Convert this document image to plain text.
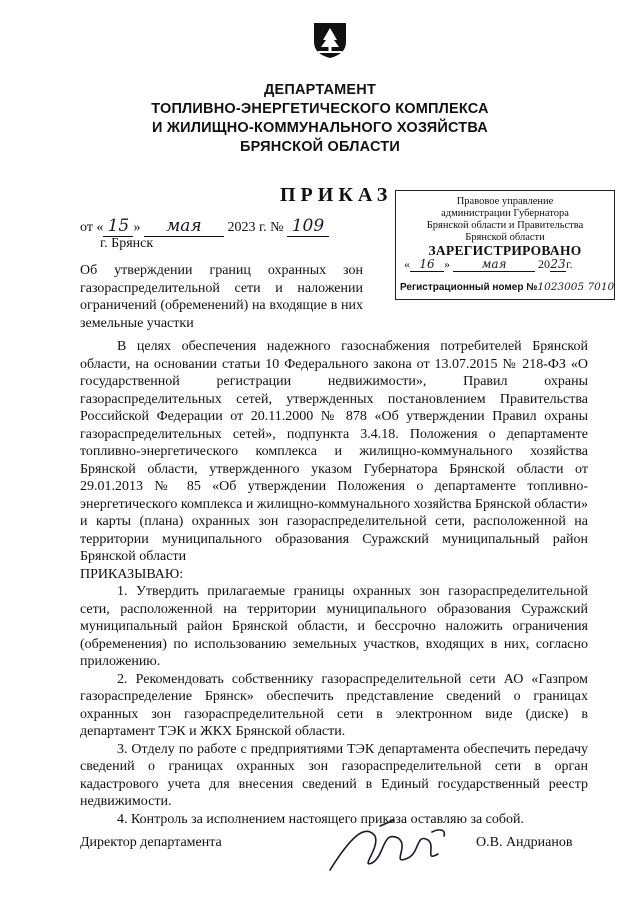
ДЕПАРТАМЕНТ
ТОПЛИВНО-ЭНЕРГЕТИЧЕСКОГО КОМПЛЕКСА
И ЖИЛИЩНО-КОММУНАЛЬНОГО ХОЗЯЙСТВА
БРЯНСКОЙ ОБЛАСТИ
ПРИКАЗ
от « 15 » мая 2023 г. № 109
г. Брянск
Об утверждении границ охранных зон газораспределительной сети и наложении ограничений (обременений) на входящие в них земельные участки
Правовое управление
администрации Губернатора
Брянской области и Правительства
Брянской области
ЗАРЕГИСТРИРОВАНО
« 16 »	мая	2023г.
Регистрационный номер №1023005 7010

В целях обеспечения надежного газоснабжения потребителей Брянской области, на основании статьи 10 Федерального закона от 13.07.2015 № 218-ФЗ «О государственной регистрации недвижимости», Правил охраны газораспределительных сетей, утвержденных постановлением Правительства Российской Федерации от 20.11.2000 № 878 «Об утверждении Правил охраны газораспределительных сетей», подпункта 3.4.18. Положения о департаменте топливно-энергетического комплекса и жилищно-коммунального хозяйства Брянской области, утвержденного указом Губернатора Брянской области от 29.01.2013 № 85 «Об утверждении Положения о департаменте топливно-энергетического комплекса и жилищно-коммунального хозяйства Брянской области» и карты (плана) охранных зон газораспределительной сети, расположенной на территории муниципального образования Суражский муниципальный район Брянской области

ПРИКАЗЫВАЮ:

1. Утвердить прилагаемые границы охранных зон газораспределительной сети, расположенной на территории муниципального образования Суражский муниципальный район Брянской области, и бессрочно наложить ограничения (обременения) по использованию земельных участков, входящих в них, согласно приложению.

2. Рекомендовать собственнику газораспределительной сети АО «Газпром газораспределение Брянск» обеспечить представление сведений о границах охранных зон газораспределительной сети в электронном виде (диске) в департамент ТЭК и ЖКХ Брянской области.

3. Отделу по работе с предприятиями ТЭК департамента обеспечить передачу сведений о границах охранных зон газораспределительной сети в орган кадастрового учета для внесения сведений в Единый государственный реестр недвижимости.

4. Контроль за исполнением настоящего приказа оставляю за собой.

Директор департамента	О.В. Андрианов
